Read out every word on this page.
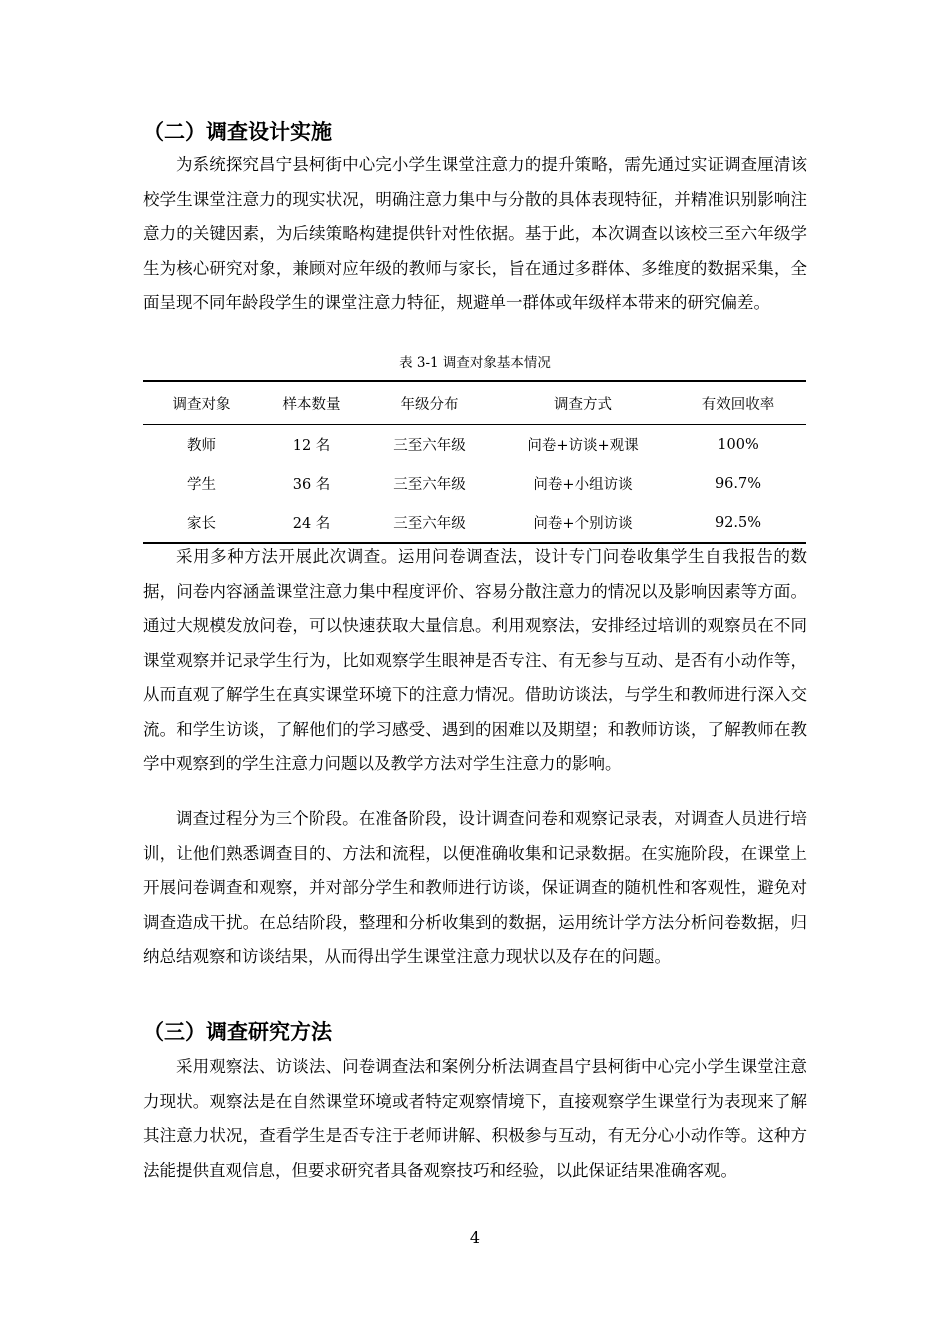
（二）调查设计实施

为系统探究昌宁县柯街中心完小学生课堂注意力的提升策略，需先通过实证调查厘清该校学生课堂注意力的现实状况，明确注意力集中与分散的具体表现特征，并精准识别影响注意力的关键因素，为后续策略构建提供针对性依据。基于此，本次调查以该校三至六年级学生为核心研究对象，兼顾对应年级的教师与家长，旨在通过多群体、多维度的数据采集，全面呈现不同年龄段学生的课堂注意力特征，规避单一群体或年级样本带来的研究偏差。

表 3-1 调查对象基本情况
调查对象	样本数量	年级分布	调查方式	有效回收率
教师	12 名	三至六年级	问卷+访谈+观课	100%
学生	36 名	三至六年级	问卷+小组访谈	96.7%
家长	24 名	三至六年级	问卷+个别访谈	92.5%

采用多种方法开展此次调查。运用问卷调查法，设计专门问卷收集学生自我报告的数据，问卷内容涵盖课堂注意力集中程度评价、容易分散注意力的情况以及影响因素等方面。通过大规模发放问卷，可以快速获取大量信息。利用观察法，安排经过培训的观察员在不同课堂观察并记录学生行为，比如观察学生眼神是否专注、有无参与互动、是否有小动作等，从而直观了解学生在真实课堂环境下的注意力情况。借助访谈法，与学生和教师进行深入交流。和学生访谈，了解他们的学习感受、遇到的困难以及期望；和教师访谈，了解教师在教学中观察到的学生注意力问题以及教学方法对学生注意力的影响。

调查过程分为三个阶段。在准备阶段，设计调查问卷和观察记录表，对调查人员进行培训，让他们熟悉调查目的、方法和流程，以便准确收集和记录数据。在实施阶段，在课堂上开展问卷调查和观察，并对部分学生和教师进行访谈，保证调查的随机性和客观性，避免对调查造成干扰。在总结阶段，整理和分析收集到的数据，运用统计学方法分析问卷数据，归纳总结观察和访谈结果，从而得出学生课堂注意力现状以及存在的问题。

（三）调查研究方法

采用观察法、访谈法、问卷调查法和案例分析法调查昌宁县柯街中心完小学生课堂注意力现状。观察法是在自然课堂环境或者特定观察情境下，直接观察学生课堂行为表现来了解其注意力状况，查看学生是否专注于老师讲解、积极参与互动，有无分心小动作等。这种方法能提供直观信息，但要求研究者具备观察技巧和经验，以此保证结果准确客观。

4
